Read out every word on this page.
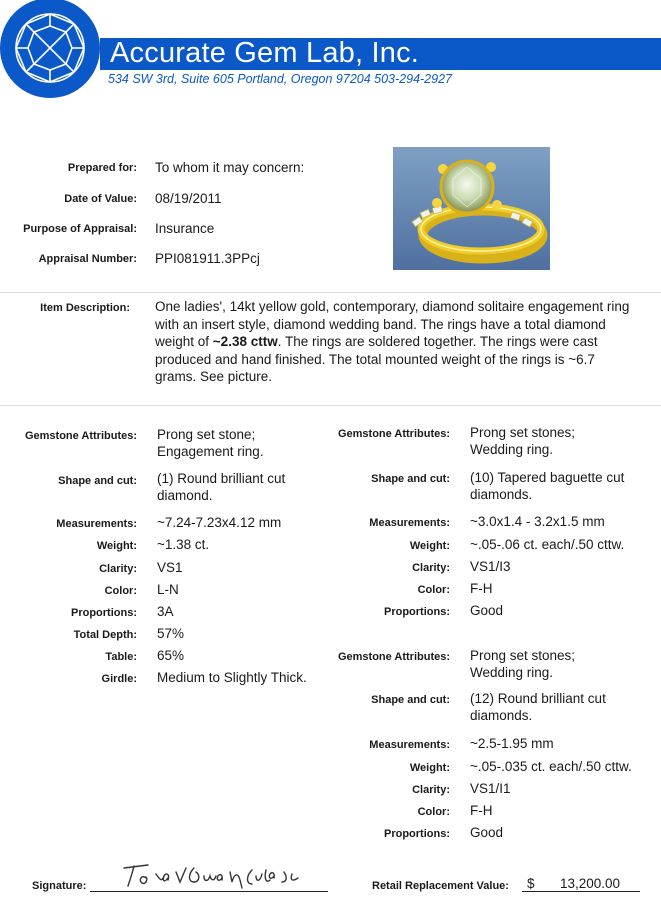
Accurate Gem Lab, Inc.
534 SW 3rd, Suite 605 Portland, Oregon 97204 503-294-2927
Prepared for: To whom it may concern:
Date of Value: 08/19/2011
Purpose of Appraisal: Insurance
Appraisal Number: PPI081911.3PPcj
Item Description: One ladies', 14kt yellow gold, contemporary, diamond solitaire engagement ring with an insert style, diamond wedding band. The rings have a total diamond weight of ~2.38 cttw. The rings are soldered together. The rings were cast produced and hand finished. The total mounted weight of the rings is ~6.7 grams. See picture.
Gemstone Attributes: Prong set stone; Engagement ring.
Shape and cut: (1) Round brilliant cut diamond.
Measurements: ~7.24-7.23x4.12 mm
Weight: ~1.38 ct.
Clarity: VS1
Color: L-N
Proportions: 3A
Total Depth: 57%
Table: 65%
Girdle: Medium to Slightly Thick.
Gemstone Attributes: Prong set stones; Wedding ring.
Shape and cut: (10) Tapered baguette cut diamonds.
Measurements: ~3.0x1.4 - 3.2x1.5 mm
Weight: ~.05-.06 ct. each/.50 cttw.
Clarity: VS1/I3
Color: F-H
Proportions: Good
Gemstone Attributes: Prong set stones; Wedding ring.
Shape and cut: (12) Round brilliant cut diamonds.
Measurements: ~2.5-1.95 mm
Weight: ~.05-.035 ct. each/.50 cttw.
Clarity: VS1/I1
Color: F-H
Proportions: Good
Signature:	Retail Replacement Value: $ 13,200.00
